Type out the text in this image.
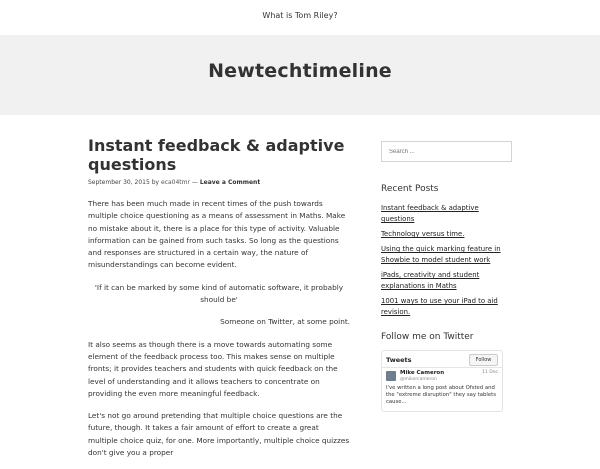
What is Tom Riley?
Newtechtimeline
Instant feedback & adaptive questions
September 30, 2015 by eca04tmr — Leave a Comment

There has been much made in recent times of the push towards multiple choice questioning as a means of assessment in Maths. Make no mistake about it, there is a place for this type of activity. Valuable information can be gained from such tasks. So long as the questions and responses are structured in a certain way, the nature of misunderstandings can become evident.

'If it can be marked by some kind of automatic software, it probably should be'

Someone on Twitter, at some point.

It also seems as though there is a move towards automating some element of the feedback process too. This makes sense on multiple fronts; it provides teachers and students with quick feedback on the level of understanding and it allows teachers to concentrate on providing the even more meaningful feedback.

Let's not go around pretending that multiple choice questions are the future, though. It takes a fair amount of effort to create a great multiple choice quiz, for one. More importantly, multiple choice quizzes don't give you a proper

Search ...
Recent Posts
Instant feedback & adaptive questions
Technology versus time.
Using the quick marking feature in Showbie to model student work
iPads, creativity and student explanations in Maths
1001 ways to use your iPad to aid revision.
Follow me on Twitter
Tweets	Follow
Mike Cameron
@mikercameron
11 Dec
I've written a long post about Ofsted and the "extreme disruption" they say tablets cause...
